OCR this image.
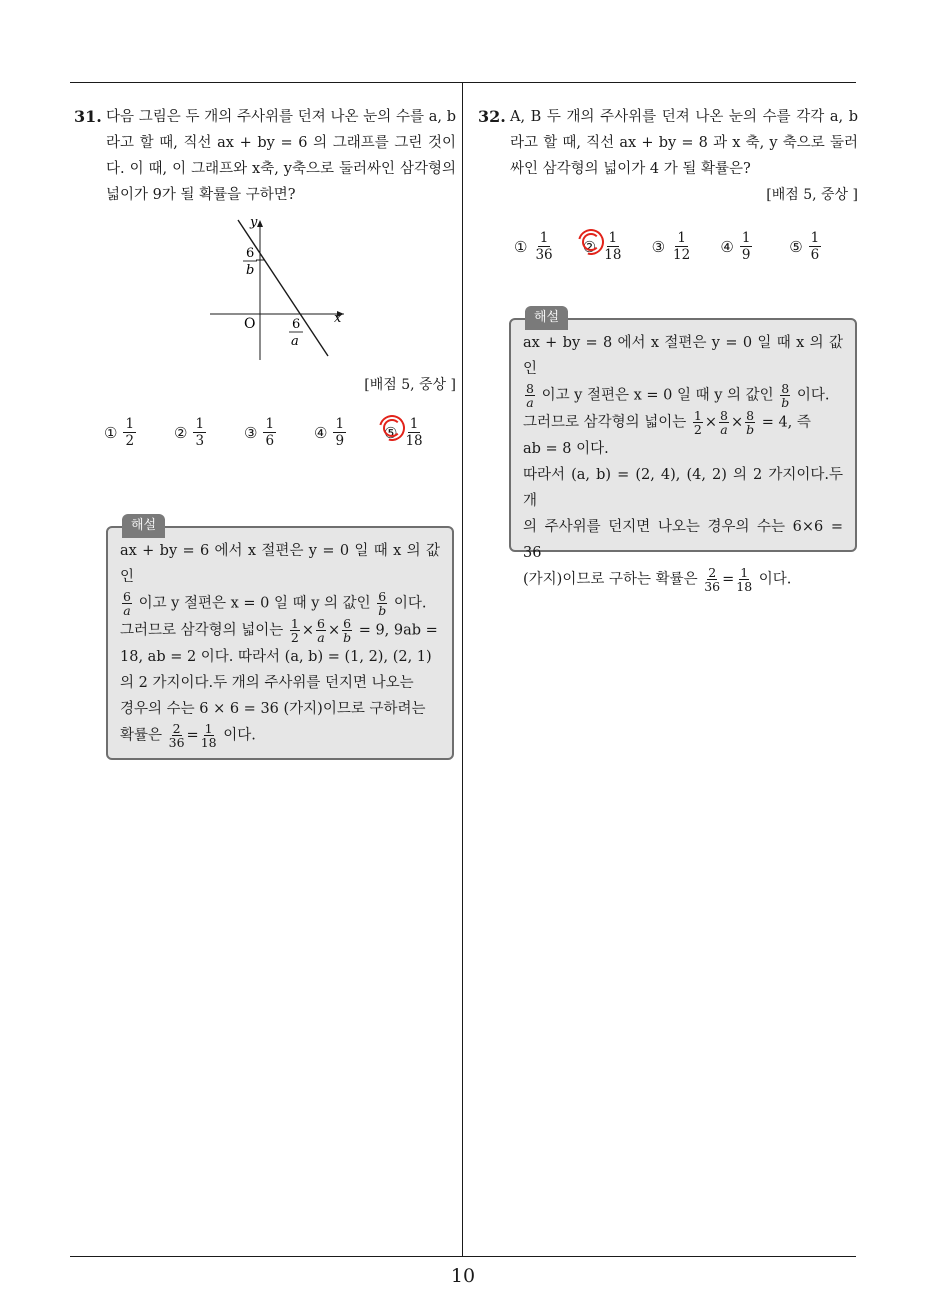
10
31. 다음 그림은 두 개의 주사위를 던져 나온 눈의 수를 a, b 라고 할 때, 직선 ax + by = 6 의 그래프를 그린 것이다. 이 때, 이 그래프와 x축, y축으로 둘러싸인 삼각형의 넓이가 9가 될 확률을 구하면?
y
x
O
6
b
6
a
[배점 5, 중상 ]
① $\frac{1}{2}$	② $\frac{1}{3}$	③ $\frac{1}{6}$	④ $\frac{1}{9}$	⑤ $\frac{1}{18}$
해설

ax + by = 6 에서 x 절편은 y = 0 일 때 x 의 값인

$\frac{6}{a}$ 이고 y 절편은 x = 0 일 때 y 의 값인 $\frac{6}{b}$ 이다.

그러므로 삼각형의 넓이는 $\frac{1}{2} \times \frac{6}{a} \times \frac{6}{b} = 9$, 9ab =

18, ab = 2 이다. 따라서 (a, b) = (1, 2), (2, 1)

의 2 가지이다.두 개의 주사위를 던지면 나오는

경우의 수는 6 × 6 = 36 (가지)이므로 구하려는

확률은 $\frac{2}{36} = \frac{1}{18}$ 이다.

32. A, B 두 개의 주사위를 던져 나온 눈의 수를 각각 a, b 라고 할 때, 직선 ax + by = 8 과 x 축, y 축으로 둘러싸인 삼각형의 넓이가 4 가 될 확률은?
[배점 5, 중상 ]
① $\frac{1}{36}$ ② $\frac{1}{18}$ ③ $\frac{1}{12}$ ④ $\frac{1}{9}$ ⑤ $\frac{1}{6}$
해설

ax + by = 8 에서 x 절편은 y = 0 일 때 x 의 값인

$\frac{8}{a}$ 이고 y 절편은 x = 0 일 때 y 의 값인 $\frac{8}{b}$ 이다.

그러므로 삼각형의 넓이는 $\frac{1}{2} \times \frac{8}{a} \times \frac{8}{b} = 4$, 즉

ab = 8 이다.

따라서 (a, b) = (2, 4), (4, 2) 의 2 가지이다.두 개

의 주사위를 던지면 나오는 경우의 수는 6×6 = 36

(가지)이므로 구하는 확률은 $\frac{2}{36} = \frac{1}{18}$ 이다.
